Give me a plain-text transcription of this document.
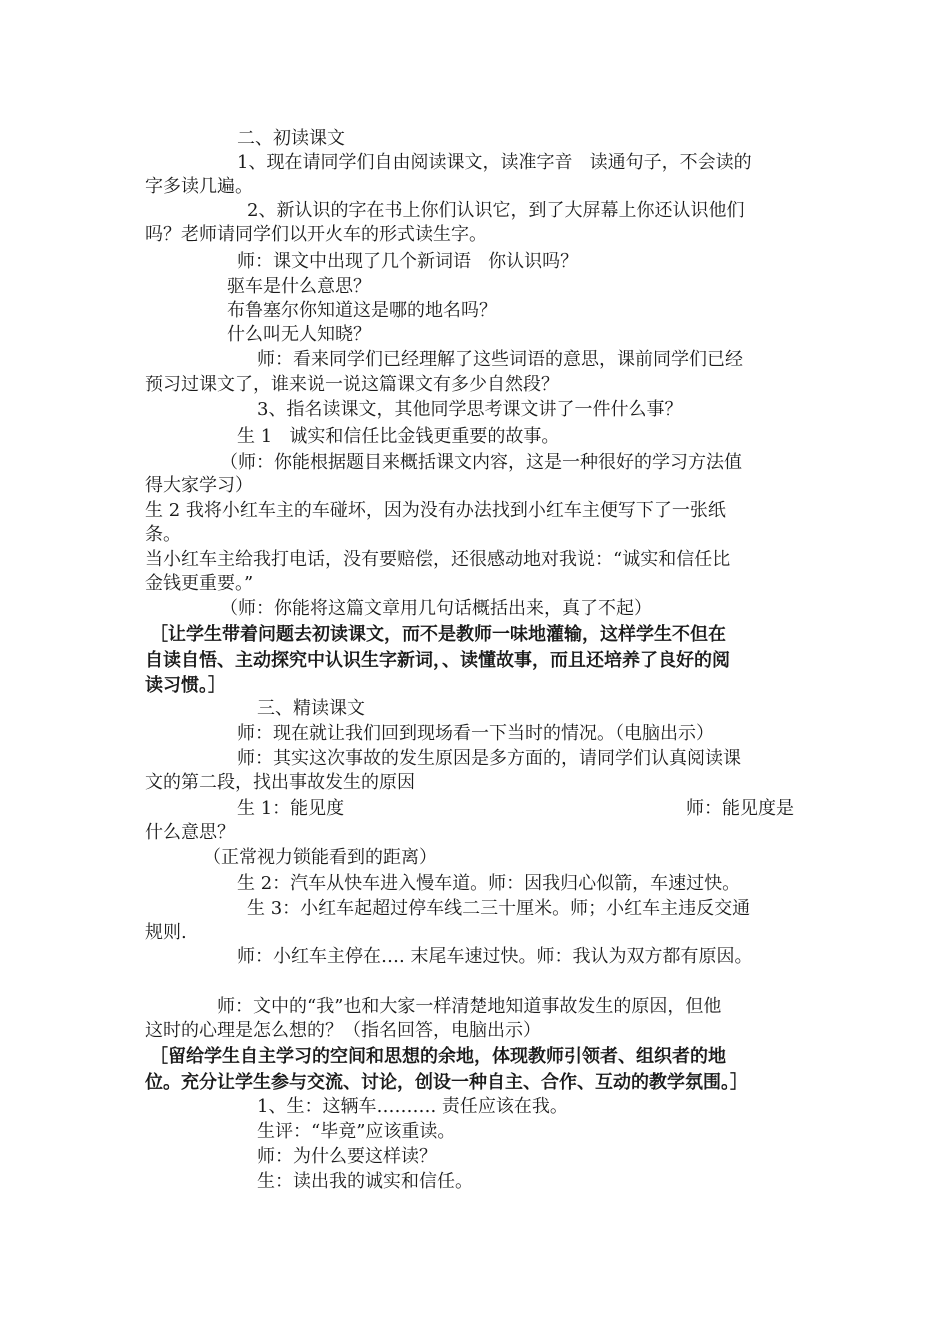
二、初读课文
1、现在请同学们自由阅读课文，读准字音   读通句子，不会读的
字多读几遍。
2、新认识的字在书上你们认识它，到了大屏幕上你还认识他们
吗？老师请同学们以开火车的形式读生字。
师：课文中出现了几个新词语   你认识吗？
驱车是什么意思？
布鲁塞尔你知道这是哪的地名吗？
什么叫无人知晓？
师：看来同学们已经理解了这些词语的意思，课前同学们已经
预习过课文了，谁来说一说这篇课文有多少自然段？
3、指名读课文，其他同学思考课文讲了一件什么事？
生 1   诚实和信任比金钱更重要的故事。
（师：你能根据题目来概括课文内容，这是一种很好的学习方法值
得大家学习）
生 2 我将小红车主的车碰坏，因为没有办法找到小红车主便写下了一张纸
条。
当小红车主给我打电话，没有要赔偿，还很感动地对我说：“诚实和信任比
金钱更重要。”
（师：你能将这篇文章用几句话概括出来，真了不起）
［让学生带着问题去初读课文，而不是教师一味地灌输，这样学生不但在
自读自悟、主动探究中认识生字新词，、读懂故事，而且还培养了良好的阅
读习惯。］
三、精读课文
师：现在就让我们回到现场看一下当时的情况。（电脑出示）
师：其实这次事故的发生原因是多方面的，请同学们认真阅读课
文的第二段，找出事故发生的原因
生 1：能见度	师：能见度是
什么意思？
（正常视力锁能看到的距离）
生 2：汽车从快车进入慢车道。师：因我归心似箭，车速过快。
生 3：小红车起超过停车线二三十厘米。师；小红车主违反交通
规则.
师：小红车主停在…. 末尾车速过快。师：我认为双方都有原因。
师：文中的“我”也和大家一样清楚地知道事故发生的原因，但他
这时的心理是怎么想的？（指名回答，电脑出示）
［留给学生自主学习的空间和思想的余地，体现教师引领者、组织者的地
位。充分让学生参与交流、讨论，创设一种自主、合作、互动的教学氛围。］
1、生：这辆车………. 责任应该在我。
生评：“毕竟”应该重读。
师：为什么要这样读？
生：读出我的诚实和信任。
